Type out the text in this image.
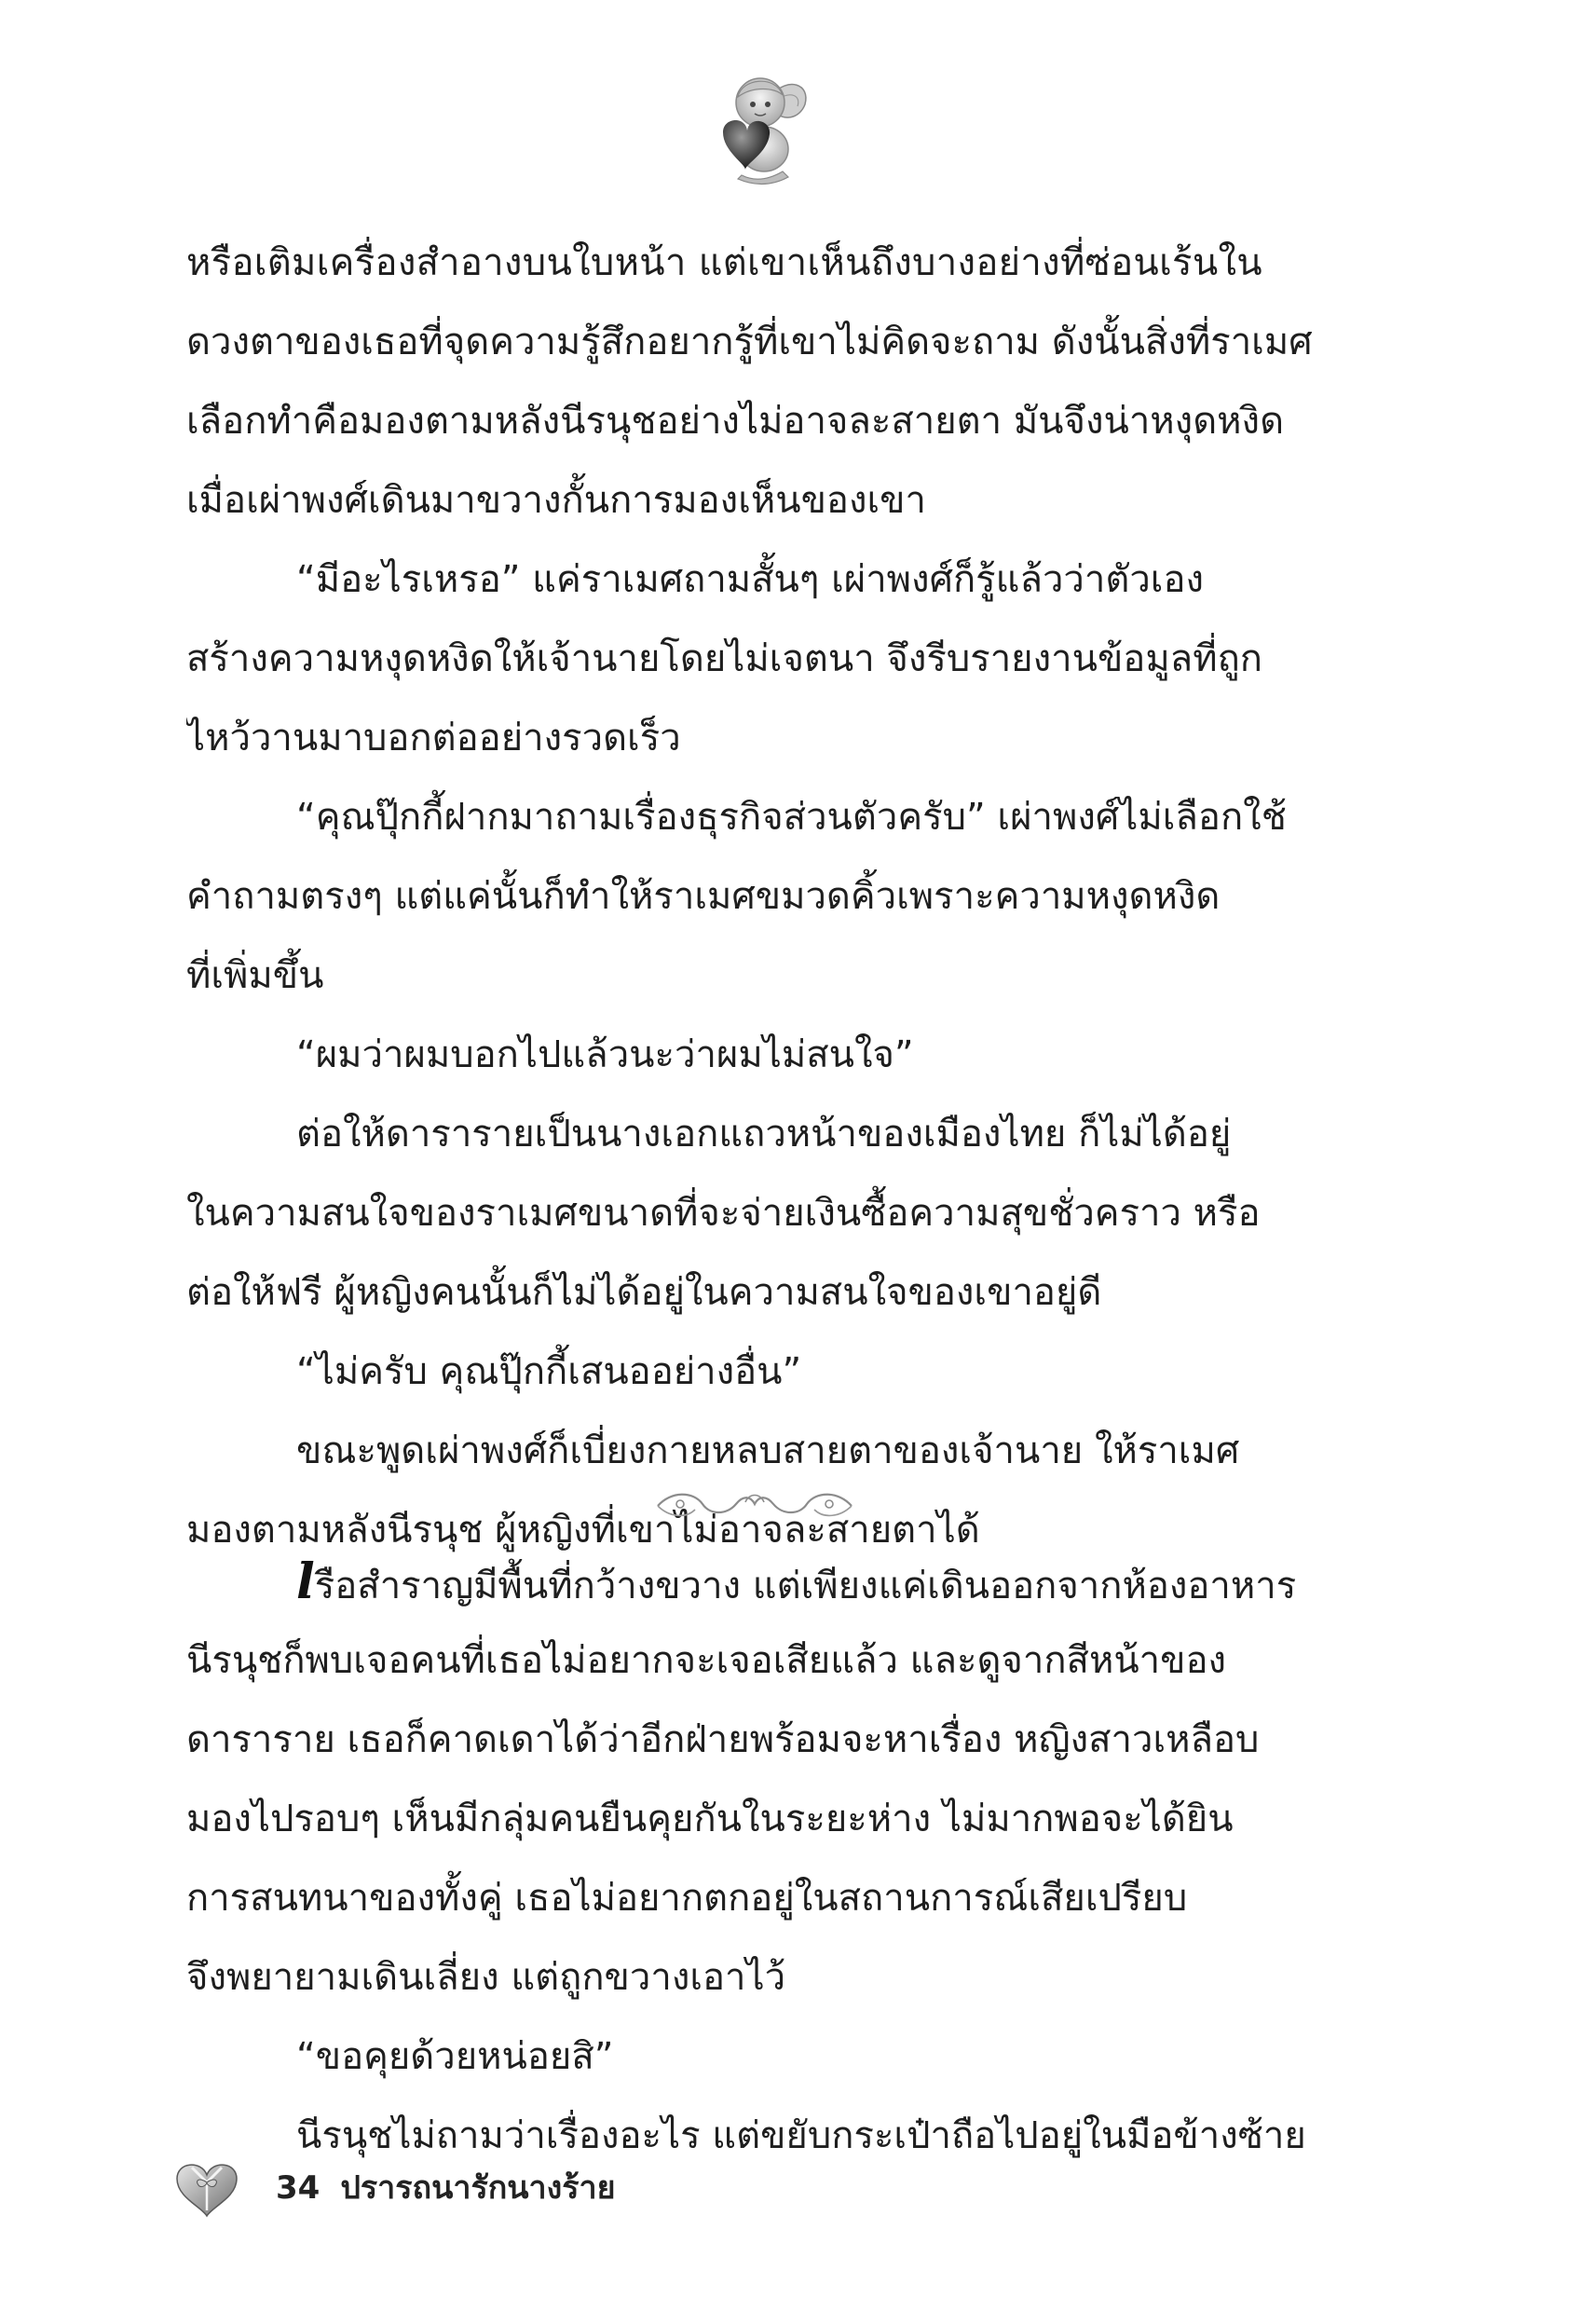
หรือเติมเครื่องสำอางบนใบหน้า แต่เขาเห็นถึงบางอย่างที่ซ่อนเร้นใน
ดวงตาของเธอที่จุดความรู้สึกอยากรู้ที่เขาไม่คิดจะถาม ดังนั้นสิ่งที่ราเมศ
เลือกทำคือมองตามหลังนีรนุชอย่างไม่อาจละสายตา มันจึงน่าหงุดหงิด
เมื่อเผ่าพงศ์เดินมาขวางกั้นการมองเห็นของเขา
“มีอะไรเหรอ” แค่ราเมศถามสั้นๆ เผ่าพงศ์ก็รู้แล้วว่าตัวเอง
สร้างความหงุดหงิดให้เจ้านายโดยไม่เจตนา จึงรีบรายงานข้อมูลที่ถูก
ไหว้วานมาบอกต่ออย่างรวดเร็ว
“คุณปุ๊กกี้ฝากมาถามเรื่องธุรกิจส่วนตัวครับ” เผ่าพงศ์ไม่เลือกใช้
คำถามตรงๆ แต่แค่นั้นก็ทำให้ราเมศขมวดคิ้วเพราะความหงุดหงิด
ที่เพิ่มขึ้น
“ผมว่าผมบอกไปแล้วนะว่าผมไม่สนใจ”
ต่อให้ดารารายเป็นนางเอกแถวหน้าของเมืองไทย ก็ไม่ได้อยู่
ในความสนใจของราเมศขนาดที่จะจ่ายเงินซื้อความสุขชั่วคราว หรือ
ต่อให้ฟรี ผู้หญิงคนนั้นก็ไม่ได้อยู่ในความสนใจของเขาอยู่ดี
“ไม่ครับ คุณปุ๊กกี้เสนออย่างอื่น”
ขณะพูดเผ่าพงศ์ก็เบี่ยงกายหลบสายตาของเจ้านาย ให้ราเมศ
มองตามหลังนีรนุช ผู้หญิงที่เขาไม่อาจละสายตาได้
lรือสำราญมีพื้นที่กว้างขวาง แต่เพียงแค่เดินออกจากห้องอาหาร
นีรนุชก็พบเจอคนที่เธอไม่อยากจะเจอเสียแล้ว และดูจากสีหน้าของ
ดาราราย เธอก็คาดเดาได้ว่าอีกฝ่ายพร้อมจะหาเรื่อง หญิงสาวเหลือบ
มองไปรอบๆ เห็นมีกลุ่มคนยืนคุยกันในระยะห่าง ไม่มากพอจะได้ยิน
การสนทนาของทั้งคู่ เธอไม่อยากตกอยู่ในสถานการณ์เสียเปรียบ
จึงพยายามเดินเลี่ยง แต่ถูกขวางเอาไว้
“ขอคุยด้วยหน่อยสิ”
นีรนุชไม่ถามว่าเรื่องอะไร แต่ขยับกระเป๋าถือไปอยู่ในมือข้างซ้าย
34 ปรารถนารักนางร้าย
